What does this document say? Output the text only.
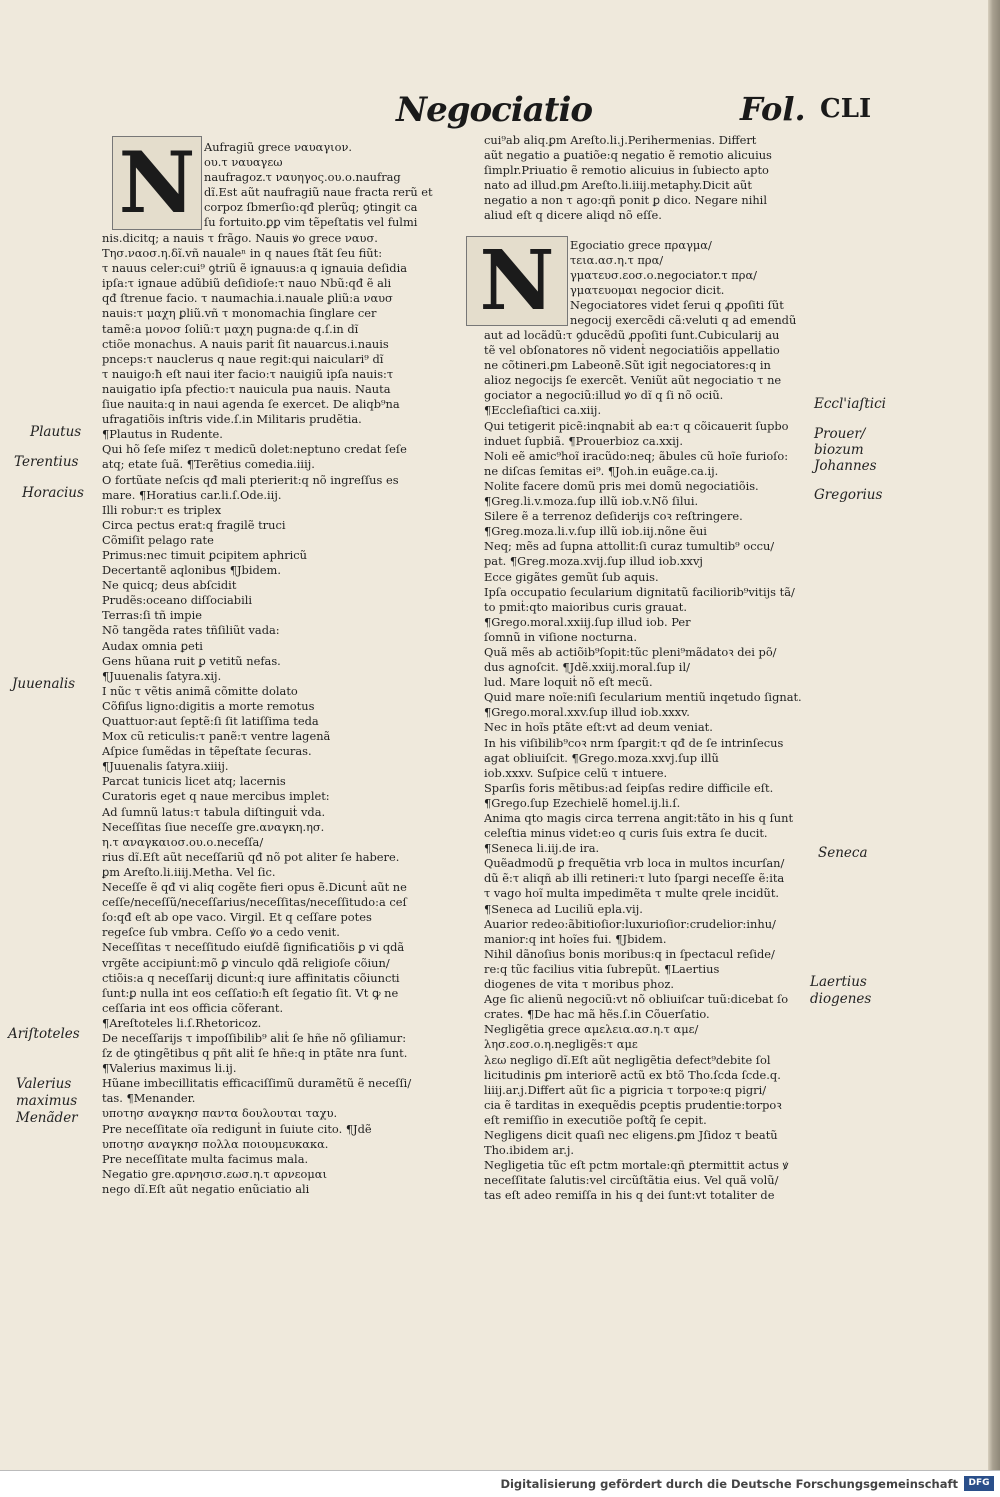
Negociatio	Fol. CLI
N
N
Aufragiũ grece ναυαγιον.
ου.τ ναυαγεω
naufragoz.τ ναυηγος.ου.ο.naufrag
dĩ.Est aũt naufragiũ naue fracta rerũ et
corpoz ſbmerſio:qđ plerũq; ꝯtingit ca
ſu fortuito.ꝑꝑ vim tẽpeſtatis vel fulmi
nis.dicitq; a nauis τ frãgo. Nauis ꝟo grece ναυσ.
Τησ.ναοσ.η.δĩ.vñ naualeⁿ in q naues ſtãt ſeu fiũt:
τ nauus celer:cui⁹ ꝯtriũ ẽ ignauus:a q ignauia deſidia
ipſa:τ ignaue adũbiũ deſidioſe:τ nauo Nbũ:qđ ẽ ali
qđ ſtrenue facio. τ naumachia.i.nauale ꝑliũ:a ναυσ
nauis:τ μαχη ꝑliũ.vñ τ monomachia ſinglare cer
tamẽ:a μονοσ ſoliũ:τ μαχη pugna:de q.ſ.in dĩ
ctiõe monachus. A nauis pariṫ ſit nauarcus.i.nauis
pnceps:τ nauclerus q naue regit:qui naiculari⁹ dĩ
τ nauigo:ħ eſt naui iter facio:τ nauigiũ ipſa nauis:τ
nauigatio ipſa pfectio:τ nauicula pua nauis. Nauta
ſiue nauita:q in naui agenda ſe exercet. De aliqb⁹na
ufragatiõis inſtris vide.ſ.in Militaris prudẽtia.
¶Plautus in Rudente.
Qui hõ ſeſe miſez τ medicũ dolet:neptuno credat ſeſe
atq; etate ſuã. ¶Terẽtius comedia.iiij.
O fortũate neſcis qđ mali pterierit:q nõ ingreſſus es
mare. ¶Horatius car.li.ſ.Ode.iij.
Illi robur:τ es triplex
Circa pectus erat:q fragilẽ truci
Cõmiſit pelago rate
Primus:nec timuit ꝑcipitem aphricũ
Decertantẽ aqlonibus ¶Jbidem.
Ne quicq; deus abſcidit
Prudẽs:oceano diſſociabili
Terras:ſi tñ impie
Nõ tangẽda rates tñſiliũt vada:
Audax omnia ꝑeti
Gens hũana ruit ꝑ vetitũ nefas.
¶Juuenalis ſatyra.xij.
I nũc τ vẽtis animã cõmitte dolato
Cõfiſus ligno:digitis a morte remotus
Quattuor:aut ſeptẽ:ſi ſit latiſſima teda
Mox cũ reticulis:τ panẽ:τ ventre lagenã
Aſpice ſumẽdas in tẽpeſtate ſecuras.
¶Juuenalis ſatyra.xiiij.
Parcat tunicis licet atq; lacernis
Curatoris eget q naue mercibus implet:
Ad ſumnũ latus:τ tabula diſtinguiṫ vda.
Neceſſitas ſiue neceſſe gre.αναγκη.ησ.
η.τ αναγκαιοσ.ου.ο.neceſſa/
rius dĩ.Eſt aũt neceſſariũ qđ nõ pot aliter ſe habere.
ꝑm Areſto.li.iiij.Metha. Vel ſic.
Neceſſe ẽ qđ vi aliq cogẽte fieri opus ẽ.Dicunṫ aũt ne
ceſſe/neceſſũ/neceſſarius/neceſſitas/neceſſitudo:a ceſ
ſo:qđ eſt ab ope vaco. Virgil. Et q ceſſare potes
regeſce ſub vmbra. Ceſſo ꝟo a cedo venit.
Neceſſitas τ neceſſitudo eiuſdẽ ſignificatiõis ꝑ vi qdã
vrgẽte accipiunṫ:mõ ꝑ vinculo qdã religioſe cõiun/
ctiõis:a q neceſſarij dicunṫ:q iure affinitatis cõiuncti
ſunt:ꝑ nulla int eos ceſſatio:ħ eſt ſegatio ſit. Vt ꝙ ne
ceſſaria int eos officia cõferant.
¶Areſtoteles li.ſ.Rhetoricoz.
De neceſſarijs τ impoſſibilib⁹ aliṫ ſe hñe nõ ꝯſiliamur:
ſz de ꝯtingẽtibus q pñt aliṫ ſe hñe:q in ptãte nra ſunt.
¶Valerius maximus li.ij.
Hũane imbecillitatis efficaciſſimũ duramẽtũ ẽ neceſſi/
tas. ¶Menander.
υποτησ αναγκησ παντα δουλουται ταχυ.
Pre neceſſitate oĩa redigunṫ in ſuiute cito. ¶Jdẽ
υποτησ αναγκησ πολλα ποιουμευκακα.
Pre neceſſitate multa facimus mala.
Negatio gre.αρνησισ.εωσ.η.τ αρνεομαι
nego dĩ.Eſt aũt negatio enũciatio ali
cui⁹ab aliq.ꝑm Areſto.li.j.Perihermenias. Differt
aũt negatio a ꝑuatiõe:q negatio ẽ remotio alicuius
ſimplr.Priuatio ẽ remotio alicuius in ſubiecto apto
nato ad illud.ꝑm Areſto.li.iiij.metaphy.Dicit aũt
negatio a non τ ago:qñ ponit ꝑ dico. Negare nihil
aliud eſt q dicere aliqd nõ eſſe.
Egociatio grece πραγμα/
τεια.ασ.η.τ πρα/
γματευσ.εοσ.ο.negociator.τ πρα/
γματευομαι negocior dicit.
Negociatores videt ſerui q ꝓpoſiti ſũt
negocij exercẽdi cã:veluti q ad emendũ
aut ad locãdũ:τ ꝯducẽdũ ꝓpoſiti ſunt.Cubicularij au
tẽ vel obſonatores nõ videnṫ negociatiõis appellatio
ne cõtineri.ꝑm Labeonẽ.Sũt igiṫ negociatores:q in
alioz negocijs ſe exercẽt. Veniũt aũt negociatio τ ne
gociator a negociũ:illud ꝟo dĩ q ſi nõ ociũ.
¶Eccleſiaſtici ca.xiij.
Qui tetigerit picẽ:inqnabiṫ ab ea:τ q cõicauerit ſupbo
induet ſupbiã. ¶Prouerbioz ca.xxij.
Noli eẽ amic⁹hoĩ iracũdo:neq; ãbules cũ hoĩe furioſo:
ne diſcas ſemitas ei⁹. ¶Joh.in euãge.ca.ij.
Nolite facere domũ pris mei domũ negociatiõis.
¶Greg.li.v.moza.ſup illũ iob.v.Nõ ſilui.
Silere ẽ a terrenoz deſiderijs coꝛ reſtringere.
¶Greg.moza.li.v.ſup illũ iob.iij.nõne ẽui
Neq; mẽs ad ſupna attollit:ſi curaz tumultib⁹ occu/
pat. ¶Greg.moza.xvij.ſup illud iob.xxvj
Ecce gigãtes gemũt ſub aquis.
Ipſa occupatio ſecularium dignitatũ faciliorib⁹vitijs tã/
to pmiṫ:qto maioribus curis grauat.
¶Grego.moral.xxiij.ſup illud iob. Per
ſomnũ in viſione nocturna.
Quã mẽs ab actiõib⁹ſopit:tũc pleni⁹mãdatoꝛ dei põ/
dus agnoſcit. ¶Jdẽ.xxiij.moral.ſup il/
lud. Mare loquiṫ nõ eſt mecũ.
Quid mare noĩe:niſi ſecularium mentiũ inqetudo ſignat.
¶Grego.moral.xxv.ſup illud iob.xxxv.
Nec in hoĩs ptãte eſt:vt ad deum veniat.
In his viſibilib⁹coꝛ nrm ſpargit:τ qđ de ſe intrinſecus
agat obliuiſcit. ¶Grego.moza.xxvj.ſup illũ
iob.xxxv. Suſpice celũ τ intuere.
Sparſis foris mẽtibus:ad ſeipſas redire difficile eſt.
¶Grego.ſup Ezechielẽ homel.ij.li.ſ.
Anima qto magis circa terrena angit:tãto in his q ſunt
celeſtia minus videt:eo q curis ſuis extra ſe ducit.
¶Seneca li.iij.de ira.
Quẽadmodũ ꝑ frequẽtia vrb loca in multos incurſan/
dũ ẽ:τ aliqñ ab illi retineri:τ luto ſpargi neceſſe ẽ:ita
τ vago hoĩ multa impedimẽta τ multe qrele incidũt.
¶Seneca ad Luciliũ epla.vij.
Auarior redeo:ãbitioſior:luxurioſior:crudelior:inhu/
manior:q int hoĩes fui. ¶Jbidem.
Nihil dãnoſius bonis moribus:q in ſpectacul reſide/
re:q tũc facilius vitia ſubrepũt. ¶Laertius
diogenes de vita τ moribus phoz.
Age ſic alienũ negociũ:vt nõ obliuiſcar tuũ:dicebat ſo
crates. ¶De hac mã hẽs.ſ.in Cõuerſatio.
Negligẽtia grece αμελεια.ασ.η.τ αμε/
λησ.εοσ.ο.η.negligẽs:τ αμε
λεω negligo dĩ.Eſt aũt negligẽtia defect⁹debite ſol
licitudinis ꝑm interiorẽ actũ ex btõ Tho.ſcda ſcde.q.
liiij.ar.j.Differt aũt ſic a pigricia τ torpoꝛe:q pigri/
cia ẽ tarditas in exequẽdis ꝑceptis prudentie:torpoꝛ
eſt remiſſio in executiõe poſtq̃ ſe cepit.
Negligens dicit quaſi nec eligens.ꝑm Jſidoz τ beatũ
Tho.ibidem ar.j.
Negligetia tũc eſt pctm mortale:qñ ꝑtermittit actus ꝟ
neceſſitate ſalutis:vel circũſtãtia eius. Vel quã volũ/
tas eſt adeo remiſſa in his q dei ſunt:vt totaliter de
Plautus
Terentius
Horacius
Juuenalis
Ariſtoteles
Valerius
maximus
Menãder
Eccl'iaſtici
Prouer/
biozum
Johannes
Gregorius
Seneca
Laertius
diogenes
Digitalisierung gefördert durch die Deutsche Forschungsgemeinschaft	DFG
